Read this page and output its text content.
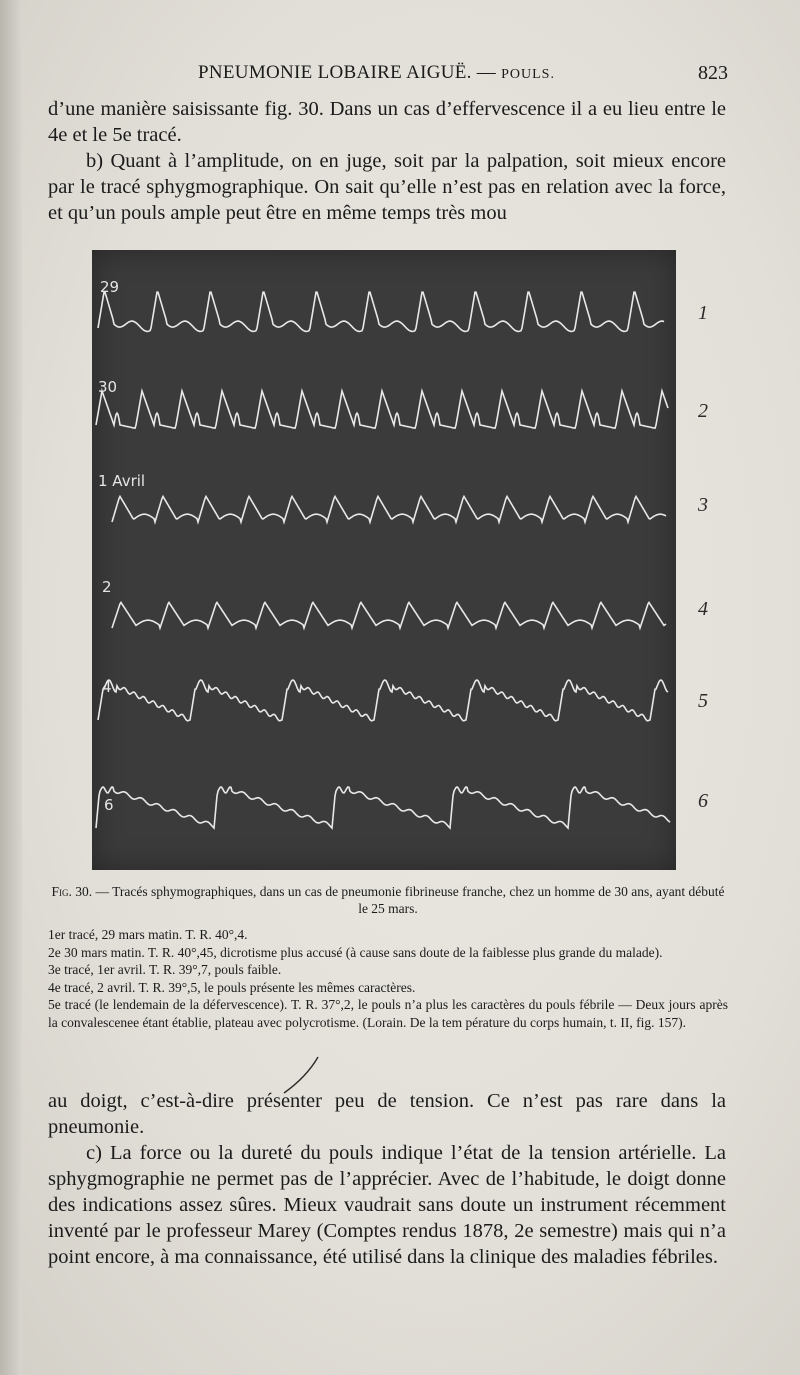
PNEUMONIE LOBAIRE AIGUË. — POULS.	823

d’une manière saisissante fig. 30. Dans un cas d’effervescence il a eu lieu entre le 4e et le 5e tracé.

b) Quant à l’amplitude, on en juge, soit par la palpation, soit mieux encore par le tracé sphygmographique. On sait qu’elle n’est pas en relation avec la force, et qu’un pouls ample peut être en même temps très mou

29
30
1 Avril
2
4
6
1
2
3
4
5
6
Fig. 30. — Tracés sphymographiques, dans un cas de pneumonie fibrineuse franche, chez un homme de 30 ans, ayant débuté le 25 mars.

1er tracé, 29 mars matin. T. R. 40°,4.

2e 30 mars matin. T. R. 40°,45, dicrotisme plus accusé (à cause sans doute de la faiblesse plus grande du malade).

3e tracé, 1er avril. T. R. 39°,7, pouls faible.

4e tracé, 2 avril. T. R. 39°,5, le pouls présente les mêmes caractères.

5e tracé (le lendemain de la défervescence). T. R. 37°,2, le pouls n’a plus les caractères du pouls fébrile — Deux jours après la convalescenee étant établie, plateau avec polycrotisme. (Lorain. De la tem pérature du corps humain, t. II, fig. 157).

au doigt, c’est-à-dire présenter peu de tension. Ce n’est pas rare dans la pneumonie.

c) La force ou la dureté du pouls indique l’état de la tension artérielle. La sphygmographie ne permet pas de l’apprécier. Avec de l’habitude, le doigt donne des indications assez sûres. Mieux vaudrait sans doute un instrument récemment inventé par le professeur Marey (Comptes rendus 1878, 2e semestre) mais qui n’a point encore, à ma connaissance, été utilisé dans la clinique des maladies fébriles.
